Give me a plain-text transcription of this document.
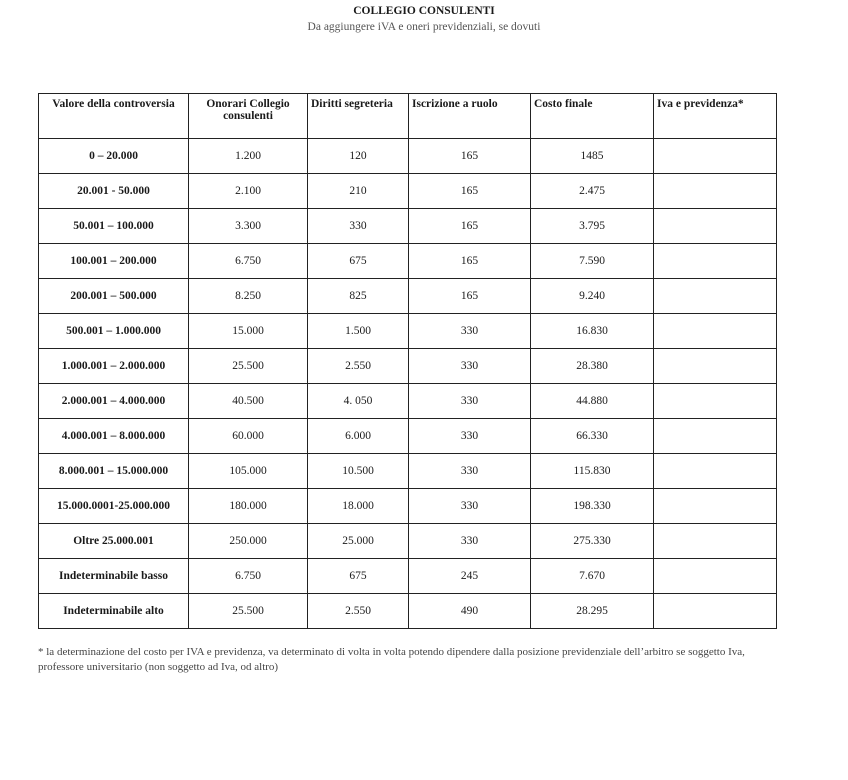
COLLEGIO CONSULENTI
Da aggiungere iVA e oneri previdenziali, se dovuti
Valore della controversia	Onorari Collegio consulenti	Diritti segreteria	Iscrizione a ruolo	Costo finale	Iva e previdenza*
0 – 20.000	1.200	120	165	1485	
20.001 - 50.000	2.100	210	165	2.475	
50.001 – 100.000	3.300	330	165	3.795	
100.001 – 200.000	6.750	675	165	7.590	
200.001 – 500.000	8.250	825	165	9.240	
500.001 – 1.000.000	15.000	1.500	330	16.830	
1.000.001 – 2.000.000	25.500	2.550	330	28.380	
2.000.001 – 4.000.000	40.500	4. 050	330	44.880	
4.000.001 – 8.000.000	60.000	6.000	330	66.330	
8.000.001 – 15.000.000	105.000	10.500	330	115.830	
15.000.0001-25.000.000	180.000	18.000	330	198.330	
Oltre 25.000.001	250.000	25.000	330	275.330	
Indeterminabile basso	6.750	675	245	7.670	
Indeterminabile alto	25.500	2.550	490	28.295	
* la determinazione del costo per IVA e previdenza, va determinato di volta in volta potendo dipendere dalla posizione previdenziale dell’arbitro se soggetto Iva, professore universitario (non soggetto ad Iva, od altro)
